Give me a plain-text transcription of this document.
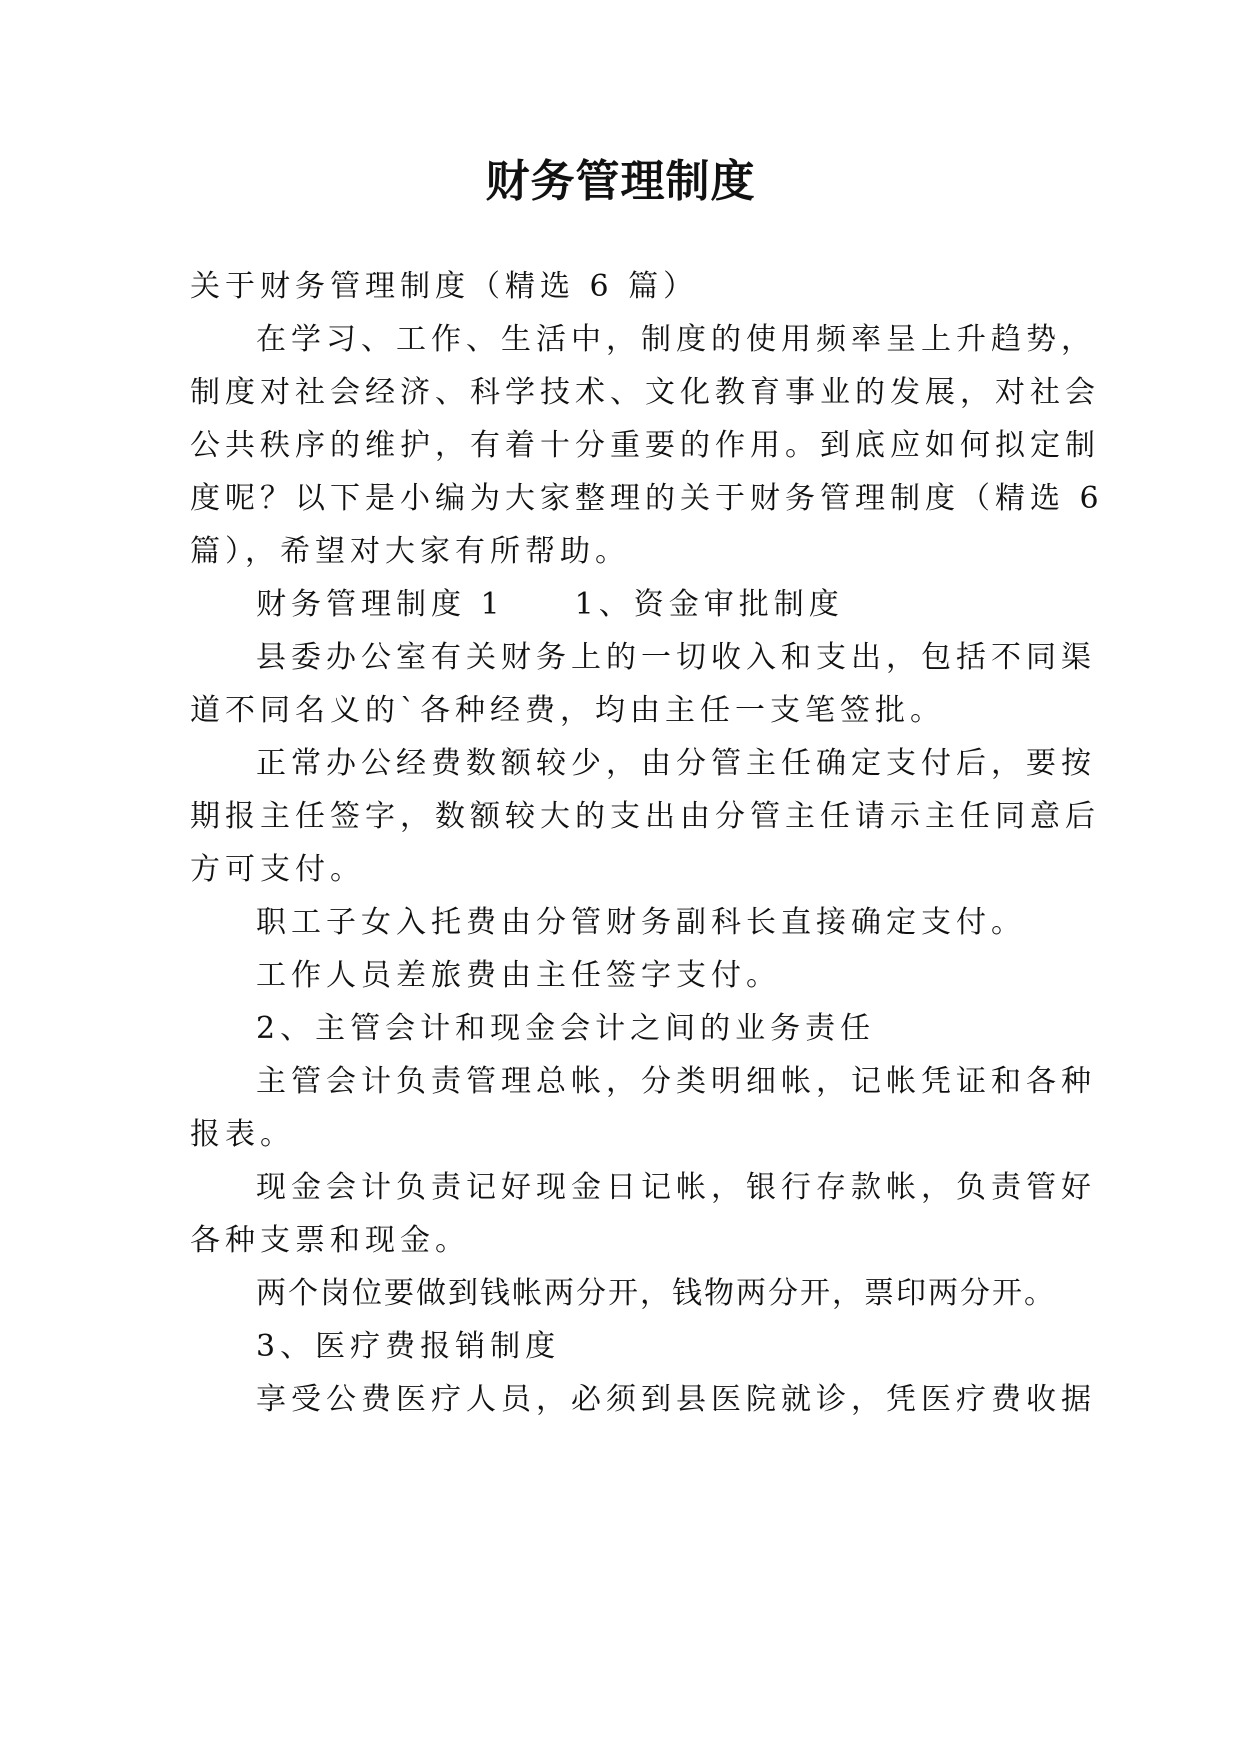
财务管理制度
关于财务管理制度（精选 6 篇）
在学习、工作、生活中，制度的使用频率呈上升趋势，
制度对社会经济、科学技术、文化教育事业的发展，对社会
公共秩序的维护，有着十分重要的作用。到底应如何拟定制
度呢？以下是小编为大家整理的关于财务管理制度（精选 6
篇），希望对大家有所帮助。
财务管理制度 1　　1、资金审批制度
县委办公室有关财务上的一切收入和支出，包括不同渠
道不同名义的`各种经费，均由主任一支笔签批。
正常办公经费数额较少，由分管主任确定支付后，要按
期报主任签字，数额较大的支出由分管主任请示主任同意后
方可支付。
职工子女入托费由分管财务副科长直接确定支付。
工作人员差旅费由主任签字支付。
2、主管会计和现金会计之间的业务责任
主管会计负责管理总帐，分类明细帐，记帐凭证和各种
报表。
现金会计负责记好现金日记帐，银行存款帐，负责管好
各种支票和现金。
两个岗位要做到钱帐两分开，钱物两分开，票印两分开。
3、医疗费报销制度
享受公费医疗人员，必须到县医院就诊，凭医疗费收据
